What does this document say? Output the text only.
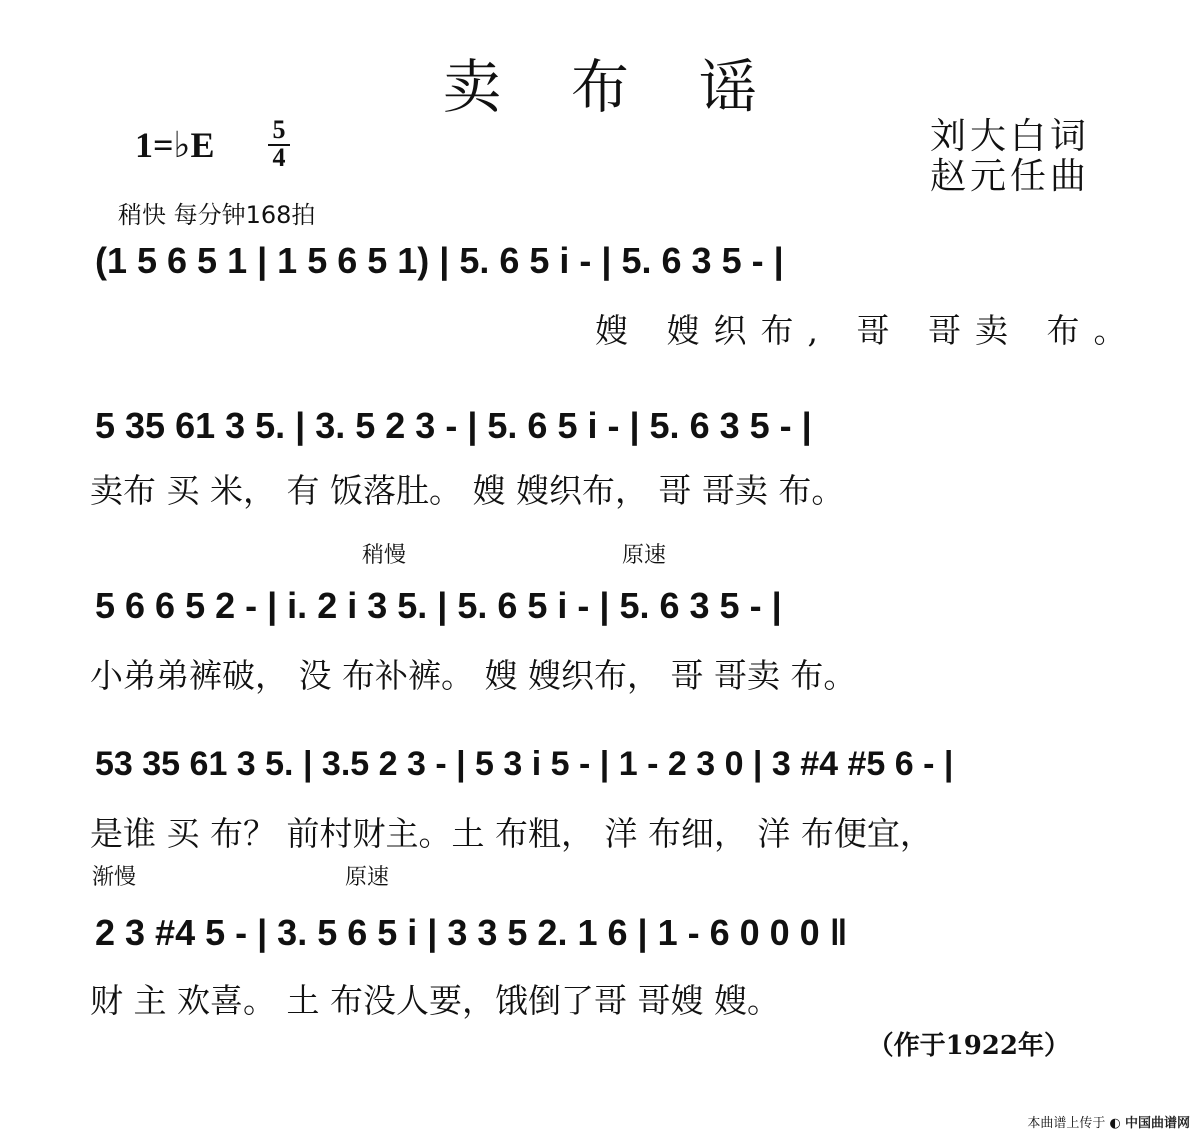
卖布谣
刘大白词
赵元任曲
1=♭E 5
4
稍快 每分钟168拍
(1 5 6 5 1 | 1 5 6 5 1) | 5. 6 5 i - | 5. 6 3 5 - |
嫂 嫂织布, 哥 哥卖 布。
5 35 61 3 5. | 3. 5 2 3 - | 5. 6 5 i - | 5. 6 3 5 - |
卖布 买 米， 有 饭落肚。 嫂 嫂织布， 哥 哥卖 布。
稍慢	原速
5 6 6 5 2 - | i. 2 i 3 5. | 5. 6 5 i - | 5. 6 3 5 - |
小弟弟裤破， 没 布补裤。 嫂 嫂织布， 哥 哥卖 布。
53 35 61 3 5. | 3.5 2 3 - | 5 3 i 5 - | 1 - 2 3 0 | 3 #4 #5 6 - |
是谁 买 布？ 前村财主。土 布粗， 洋 布细， 洋 布便宜，
渐慢	原速
2 3 #4 5 - | 3. 5 6 5 i | 3 3 5 2. 1 6 | 1 - 6 0 0 0 ‖
财 主 欢喜。 土 布没人要，饿倒了哥 哥嫂 嫂。
（作于1922年）
本曲谱上传于 ◐ 中国曲谱网
